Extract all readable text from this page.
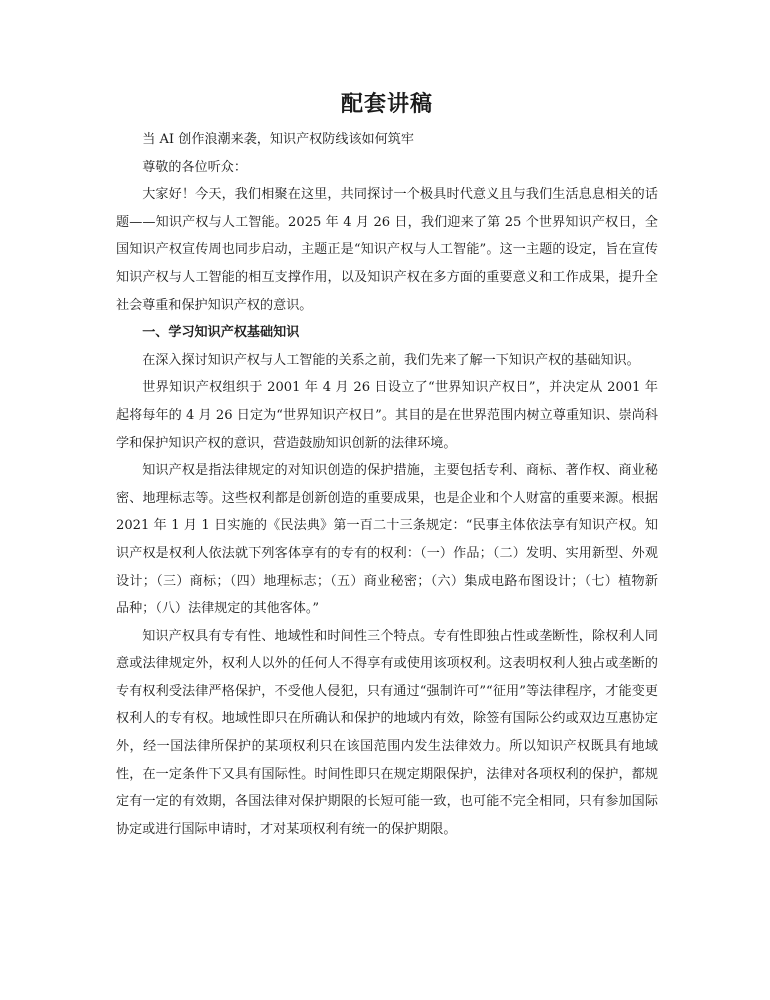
配套讲稿

当 AI 创作浪潮来袭，知识产权防线该如何筑牢

尊敬的各位听众：

大家好！今天，我们相聚在这里，共同探讨一个极具时代意义且与我们生活息息相关的话题——知识产权与人工智能。2025 年 4 月 26 日，我们迎来了第 25 个世界知识产权日，全国知识产权宣传周也同步启动，主题正是“知识产权与人工智能”。这一主题的设定，旨在宣传知识产权与人工智能的相互支撑作用，以及知识产权在多方面的重要意义和工作成果，提升全社会尊重和保护知识产权的意识。

一、学习知识产权基础知识

在深入探讨知识产权与人工智能的关系之前，我们先来了解一下知识产权的基础知识。

世界知识产权组织于 2001 年 4 月 26 日设立了“世界知识产权日”，并决定从 2001 年起将每年的 4 月 26 日定为“世界知识产权日”。其目的是在世界范围内树立尊重知识、崇尚科学和保护知识产权的意识，营造鼓励知识创新的法律环境。

知识产权是指法律规定的对知识创造的保护措施，主要包括专利、商标、著作权、商业秘密、地理标志等。这些权利都是创新创造的重要成果，也是企业和个人财富的重要来源。根据 2021 年 1 月 1 日实施的《民法典》第一百二十三条规定：“民事主体依法享有知识产权。知识产权是权利人依法就下列客体享有的专有的权利：（一）作品；（二）发明、实用新型、外观设计；（三）商标；（四）地理标志；（五）商业秘密；（六）集成电路布图设计；（七）植物新品种；（八）法律规定的其他客体。”

知识产权具有专有性、地域性和时间性三个特点。专有性即独占性或垄断性，除权利人同意或法律规定外，权利人以外的任何人不得享有或使用该项权利。这表明权利人独占或垄断的专有权利受法律严格保护，不受他人侵犯，只有通过“强制许可”“征用”等法律程序，才能变更权利人的专有权。地域性即只在所确认和保护的地域内有效，除签有国际公约或双边互惠协定外，经一国法律所保护的某项权利只在该国范围内发生法律效力。所以知识产权既具有地域性，在一定条件下又具有国际性。时间性即只在规定期限保护，法律对各项权利的保护，都规定有一定的有效期，各国法律对保护期限的长短可能一致，也可能不完全相同，只有参加国际协定或进行国际申请时，才对某项权利有统一的保护期限。
